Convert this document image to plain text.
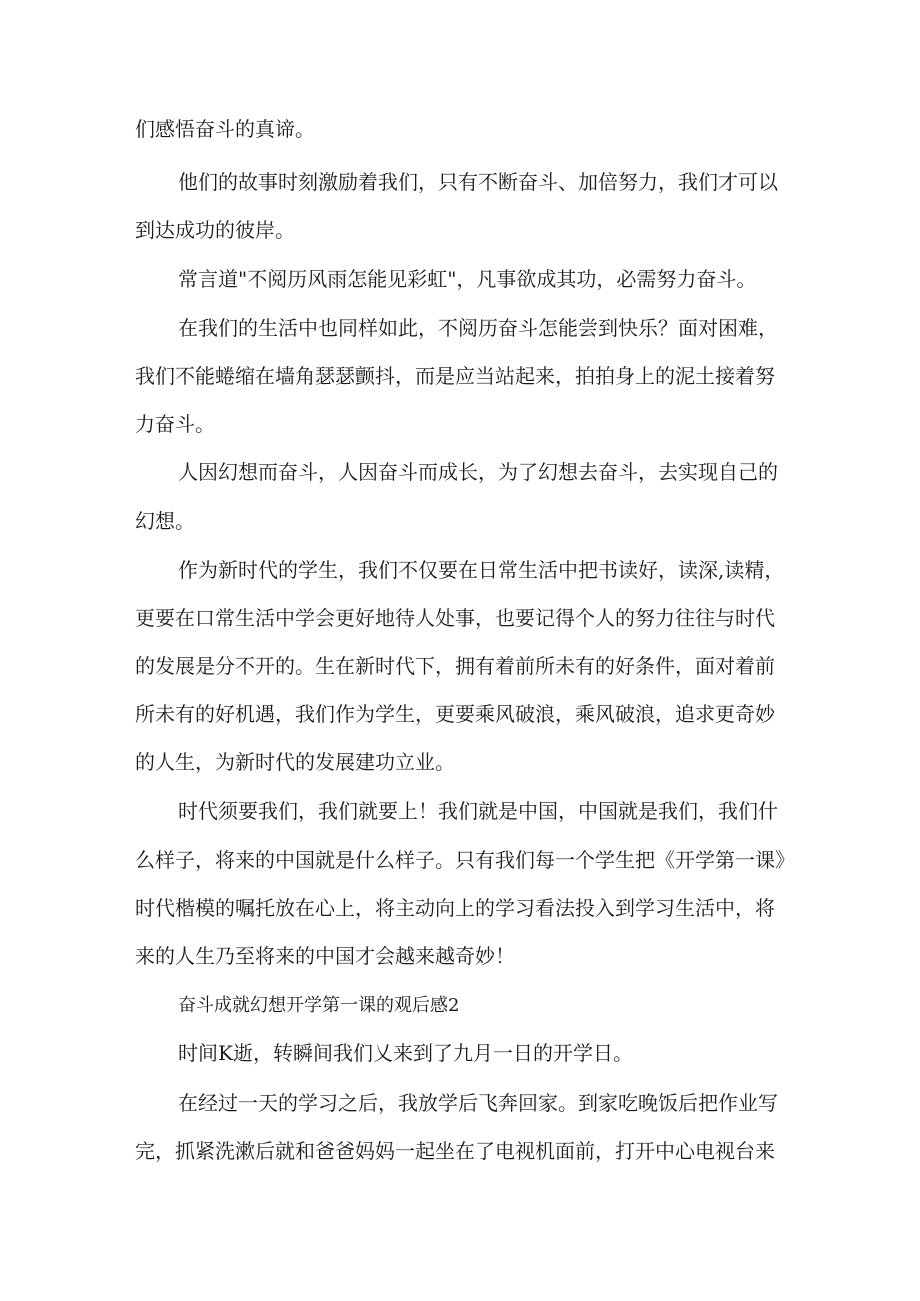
们感悟奋斗的真谛。

他们的故事时刻激励着我们，只有不断奋斗、加倍努力，我们才可以

到达成功的彼岸。

常言道"不阅历风雨怎能见彩虹"，凡事欲成其功，必需努力奋斗。

在我们的生活中也同样如此，不阅历奋斗怎能尝到快乐？面对困难，

我们不能蜷缩在墙角瑟瑟颤抖，而是应当站起来，拍拍身上的泥土接着努

力奋斗。

人因幻想而奋斗，人因奋斗而成长，为了幻想去奋斗，去实现自己的

幻想。

作为新时代的学生，我们不仅要在日常生活中把书读好，读深,读精，

更要在口常生活中学会更好地待人处事，也要记得个人的努力往往与时代

的发展是分不开的。生在新时代下，拥有着前所未有的好条件，面对着前

所未有的好机遇，我们作为学生，更要乘风破浪，乘风破浪，追求更奇妙

的人生，为新时代的发展建功立业。

时代须要我们，我们就要上！我们就是中国，中国就是我们，我们什

么样子，将来的中国就是什么样子。只有我们每一个学生把《开学第一课》

时代楷模的嘱托放在心上，将主动向上的学习看法投入到学习生活中，将

来的人生乃至将来的中国才会越来越奇妙！

奋斗成就幻想开学第一课的观后感2

时间K逝，转瞬间我们乂来到了九月一日的开学日。

在经过一天的学习之后，我放学后飞奔回家。到家吃晚饭后把作业写

完，抓紧洗漱后就和爸爸妈妈一起坐在了电视机面前，打开中心电视台来
